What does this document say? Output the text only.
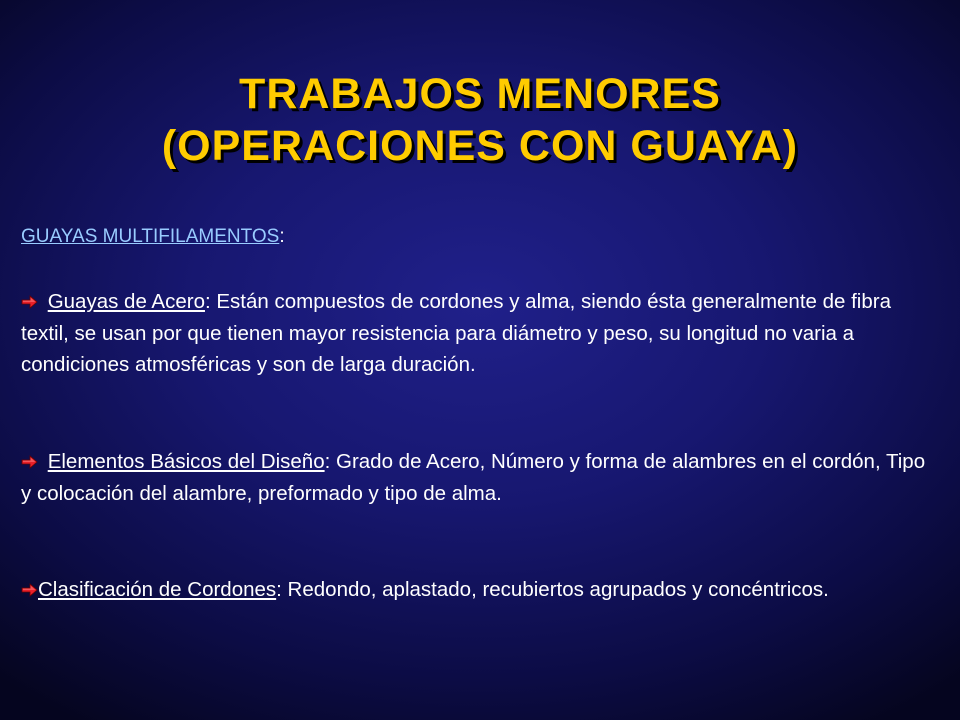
TRABAJOS MENORES
(OPERACIONES CON GUAYA)

GUAYAS MULTIFILAMENTOS:

Guayas de Acero: Están compuestos de cordones y alma, siendo ésta generalmente de fibra textil, se usan por que tienen mayor resistencia para diámetro y peso, su longitud no varia a condiciones atmosféricas y son de larga duración.

Elementos Básicos del Diseño: Grado de Acero, Número y forma de alambres en el cordón, Tipo y colocación del alambre, preformado y tipo de alma.

Clasificación de Cordones: Redondo, aplastado, recubiertos agrupados y concéntricos.
